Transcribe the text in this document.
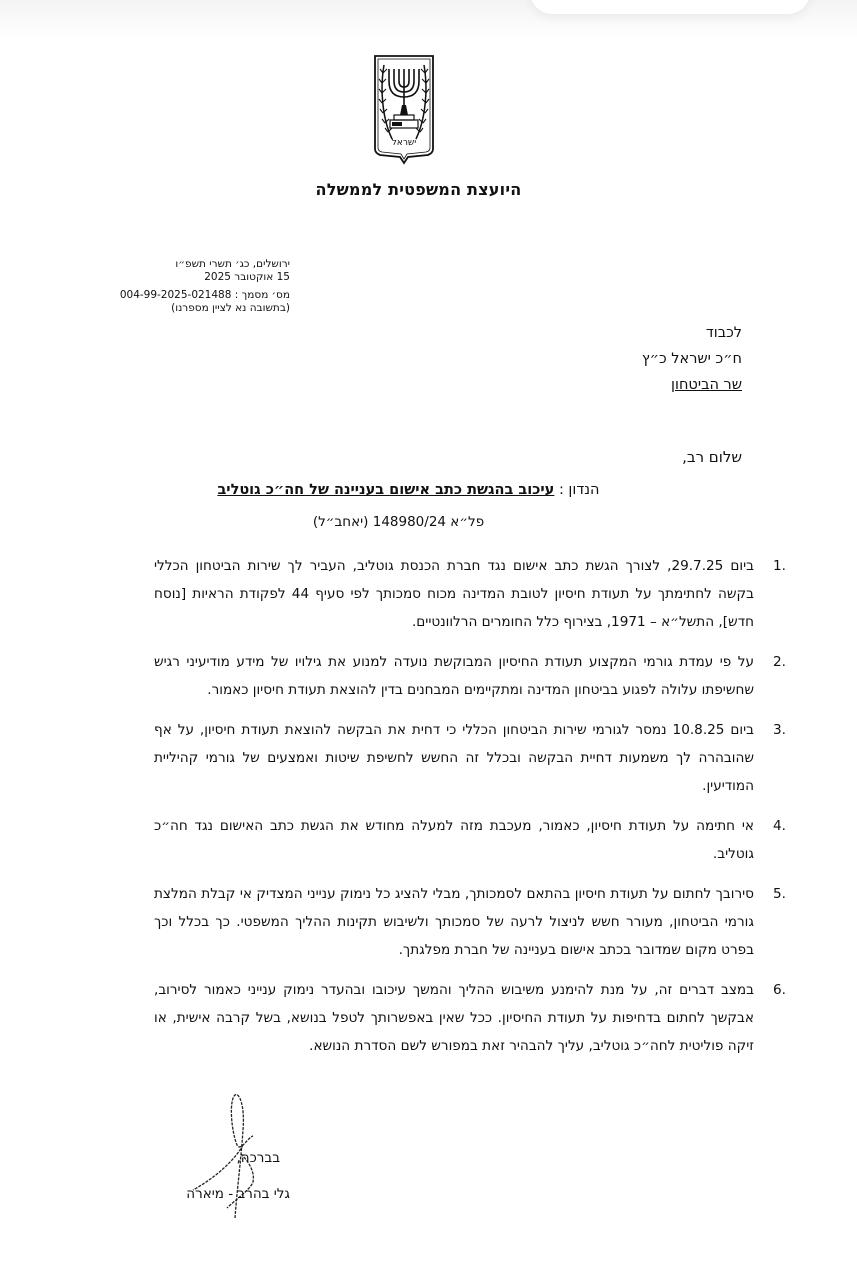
ישראל
היועצת המשפטית לממשלה
ירושלים, כג׳ תשרי תשפ״ו
15 אוקטובר 2025
מס׳ מסמך : 004-99-2025-021488
(בתשובה נא לציין מספרנו)
לכבוד
ח״כ ישראל כ״ץ
שר הביטחון
שלום רב,
הנדון : עיכוב בהגשת כתב אישום בעניינה של חה״כ גוטליב
פל״א 148980/24 (יאחב״ל)
.1
ביום 29.7.25, לצורך הגשת כתב אישום נגד חברת הכנסת גוטליב, העביר לך שירות הביטחון הכללי בקשה לחתימתך על תעודת חיסיון לטובת המדינה מכוח סמכותך לפי סעיף 44 לפקודת הראיות [נוסח חדש], התשל״א – 1971, בצירוף כלל החומרים הרלוונטיים.
.2
על פי עמדת גורמי המקצוע תעודת החיסיון המבוקשת נועדה למנוע את גילויו של מידע מודיעיני רגיש שחשיפתו עלולה לפגוע בביטחון המדינה ומתקיימים המבחנים בדין להוצאת תעודת חיסיון כאמור.
.3
ביום 10.8.25 נמסר לגורמי שירות הביטחון הכללי כי דחית את הבקשה להוצאת תעודת חיסיון, על אף שהובהרה לך משמעות דחיית הבקשה ובכלל זה החשש לחשיפת שיטות ואמצעים של גורמי קהיליית המודיעין.
.4
אי חתימה על תעודת חיסיון, כאמור, מעכבת מזה למעלה מחודש את הגשת כתב האישום נגד חה״כ גוטליב.
.5
סירובך לחתום על תעודת חיסיון בהתאם לסמכותך, מבלי להציג כל נימוק ענייני המצדיק אי קבלת המלצת גורמי הביטחון, מעורר חשש לניצול לרעה של סמכותך ולשיבוש תקינות ההליך המשפטי. כך בכלל וכך בפרט מקום שמדובר בכתב אישום בעניינה של חברת מפלגתך.
.6
במצב דברים זה, על מנת להימנע משיבוש ההליך והמשך עיכובו ובהעדר נימוק ענייני כאמור לסירוב, אבקשך לחתום בדחיפות על תעודת החיסיון. ככל שאין באפשרותך לטפל בנושא, בשל קרבה אישית, או זיקה פוליטית לחה״כ גוטליב, עליך להבהיר זאת במפורש לשם הסדרת הנושא.
בברכה,
גלי בהרב - מיארה
